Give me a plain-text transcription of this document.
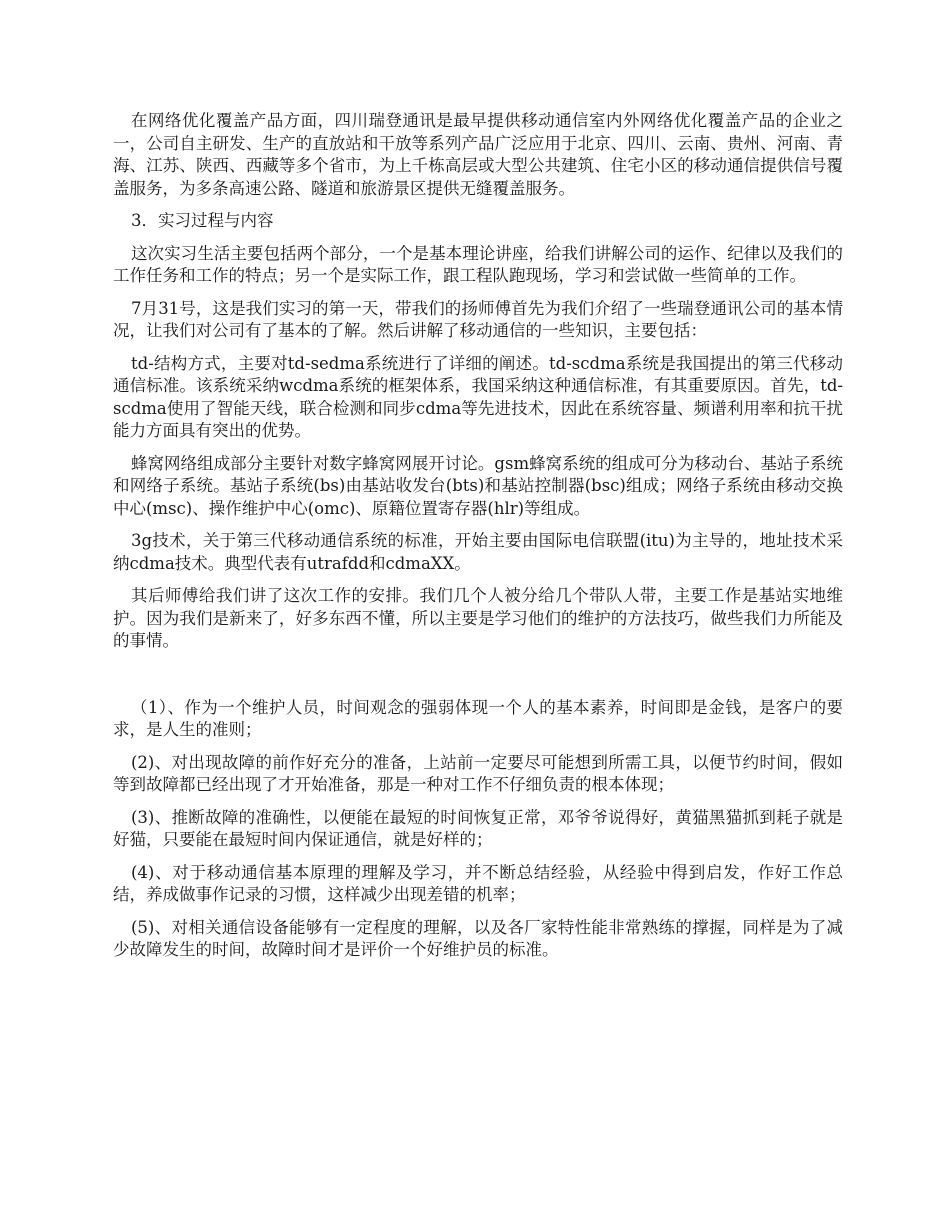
在网络优化覆盖产品方面，四川瑞登通讯是最早提供移动通信室内外网络优化覆盖产品的企业之一，公司自主研发、生产的直放站和干放等系列产品广泛应用于北京、四川、云南、贵州、河南、青海、江苏、陕西、西藏等多个省市，为上千栋高层或大型公共建筑、住宅小区的移动通信提供信号覆盖服务，为多条高速公路、隧道和旅游景区提供无缝覆盖服务。

3．实习过程与内容

这次实习生活主要包括两个部分，一个是基本理论讲座，给我们讲解公司的运作、纪律以及我们的工作任务和工作的特点；另一个是实际工作，跟工程队跑现场，学习和尝试做一些简单的工作。

7月31号，这是我们实习的第一天，带我们的扬师傅首先为我们介绍了一些瑞登通讯公司的基本情况，让我们对公司有了基本的了解。然后讲解了移动通信的一些知识，主要包括：

td-结构方式，主要对td-sedma系统进行了详细的阐述。td-scdma系统是我国提出的第三代移动通信标准。该系统采纳wcdma系统的框架体系，我国采纳这种通信标准，有其重要原因。首先，td-scdma使用了智能天线，联合检测和同步cdma等先进技术，因此在系统容量、频谱利用率和抗干扰能力方面具有突出的优势。

蜂窝网络组成部分主要针对数字蜂窝网展开讨论。gsm蜂窝系统的组成可分为移动台、基站子系统和网络子系统。基站子系统(bs)由基站收发台(bts)和基站控制器(bsc)组成；网络子系统由移动交换中心(msc)、操作维护中心(omc)、原籍位置寄存器(hlr)等组成。

3g技术，关于第三代移动通信系统的标准，开始主要由国际电信联盟(itu)为主导的，地址技术采纳cdma技术。典型代表有utrafdd和cdmaXX。

其后师傅给我们讲了这次工作的安排。我们几个人被分给几个带队人带，主要工作是基站实地维护。因为我们是新来了，好多东西不懂，所以主要是学习他们的维护的方法技巧，做些我们力所能及的事情。

（1）、作为一个维护人员，时间观念的强弱体现一个人的基本素养，时间即是金钱，是客户的要求，是人生的准则；

(2)、对出现故障的前作好充分的准备，上站前一定要尽可能想到所需工具，以便节约时间，假如等到故障都已经出现了才开始准备，那是一种对工作不仔细负责的根本体现；

(3)、推断故障的准确性，以便能在最短的时间恢复正常，邓爷爷说得好，黄猫黑猫抓到耗子就是好猫，只要能在最短时间内保证通信，就是好样的；

(4)、对于移动通信基本原理的理解及学习，并不断总结经验，从经验中得到启发，作好工作总结，养成做事作记录的习惯，这样减少出现差错的机率；

(5)、对相关通信设备能够有一定程度的理解，以及各厂家特性能非常熟练的撑握，同样是为了减少故障发生的时间，故障时间才是评价一个好维护员的标准。
